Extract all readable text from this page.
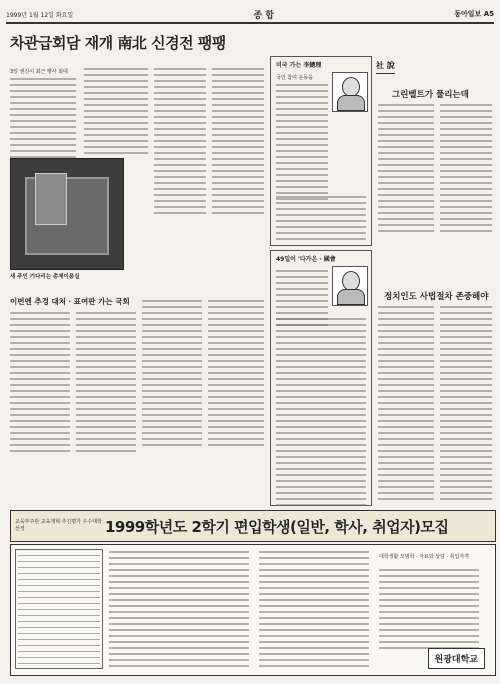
1999년 1월 12일 화요일	종 합	동아일보 A5
차관급회담 재개 南北 신경전 팽팽
3일 엔진이 최근 행사 최대
새 주인 기다리는 총재이용실
이번엔 추경 대처 · 표여판 가는 국회
미국 가는 李總理
국민 참여 운동을
49일이 '다가온 · 國會
社 說
그린벨트가 풀리는데
정치인도 사법절차 존중해야
교육부주관 교육개혁 추진평가 우수대학 선정	1999학년도 2학기 편입학생(일반, 학사, 취업자)모집
대학생활 모범학 · 자료와 상담 · 취업자격
원광대학교
